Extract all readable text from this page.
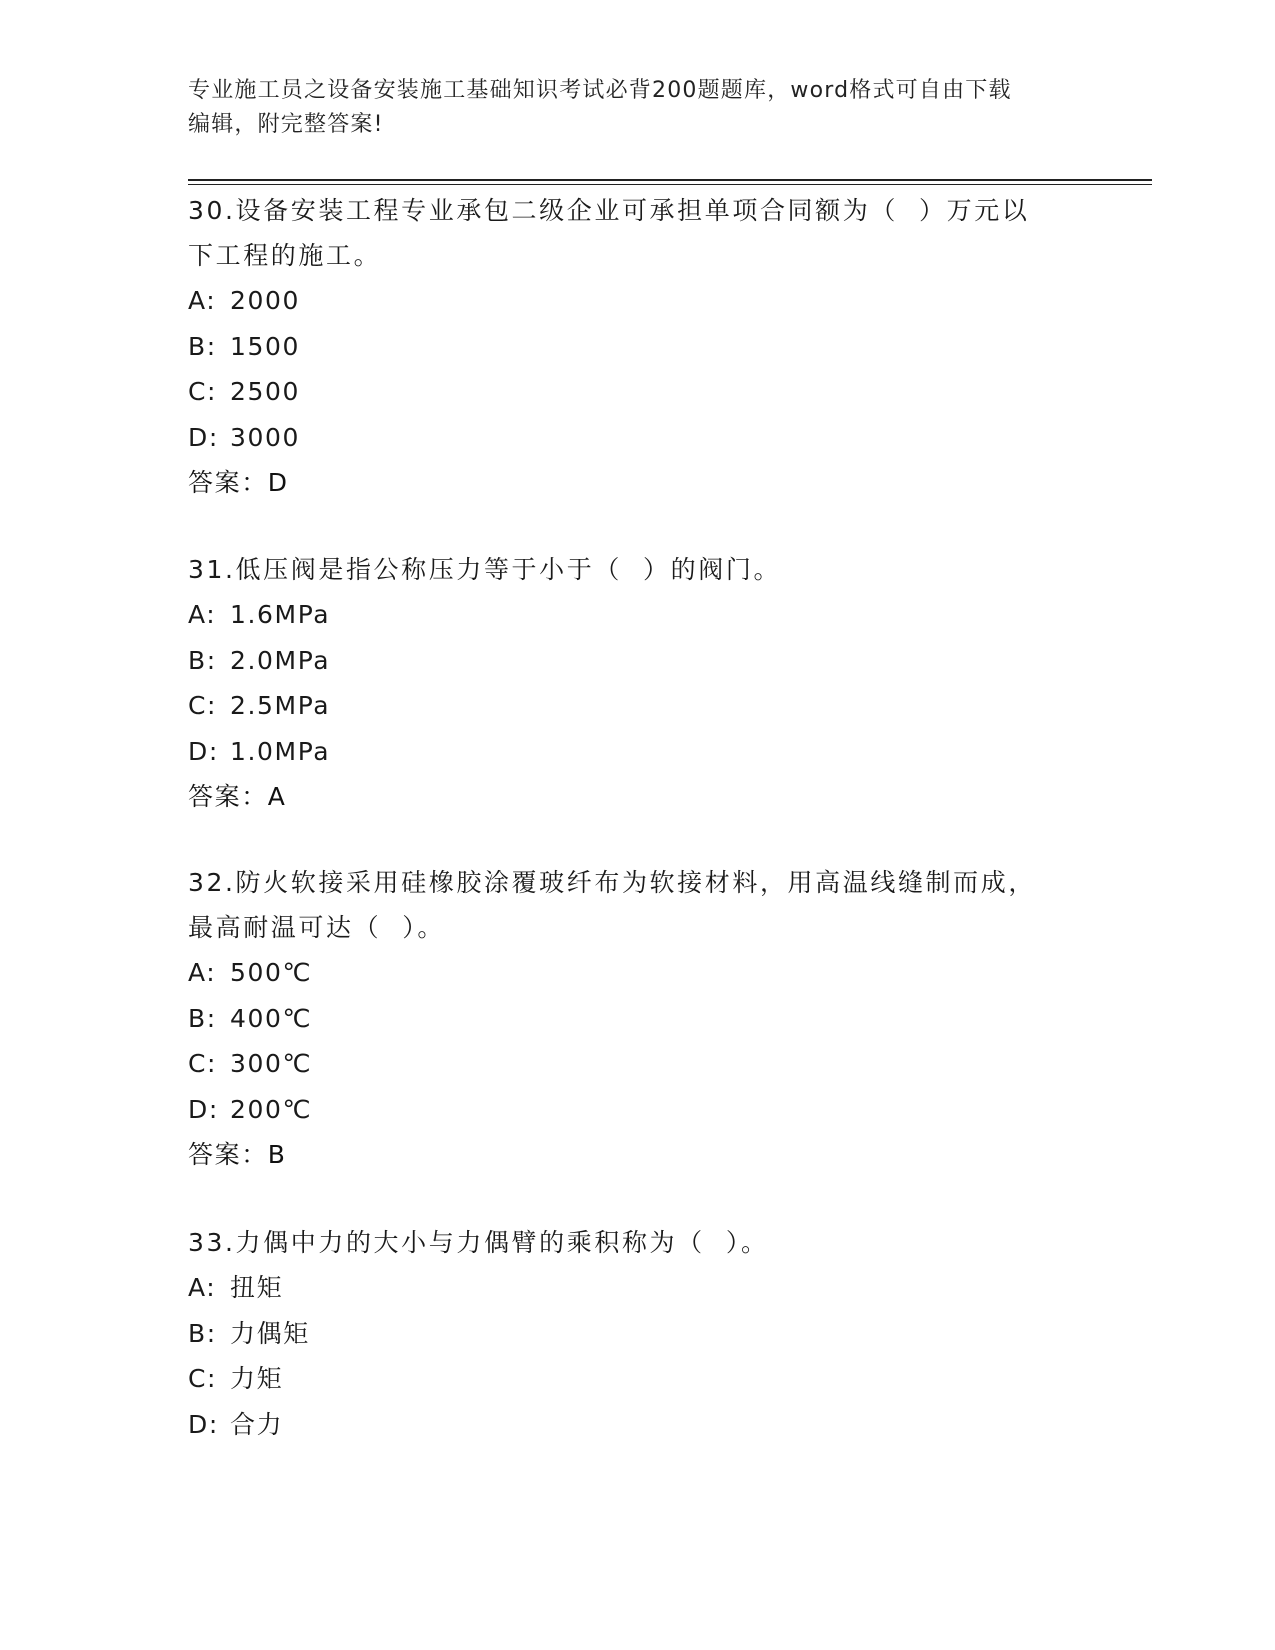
专业施工员之设备安装施工基础知识考试必背200题题库，word格式可自由下载
编辑，附完整答案!
30.设备安装工程专业承包二级企业可承担单项合同额为（  ）万元以
下工程的施工。
A: 2000
B: 1500
C: 2500
D: 3000
答案：D
31.低压阀是指公称压力等于小于（  ）的阀门。
A: 1.6MPa
B: 2.0MPa
C: 2.5MPa
D: 1.0MPa
答案：A
32.防火软接采用硅橡胶涂覆玻纤布为软接材料，用高温线缝制而成，
最高耐温可达（  ）。
A: 500℃
B: 400℃
C: 300℃
D: 200℃
答案：B
33.力偶中力的大小与力偶臂的乘积称为（  ）。
A: 扭矩
B: 力偶矩
C: 力矩
D: 合力
